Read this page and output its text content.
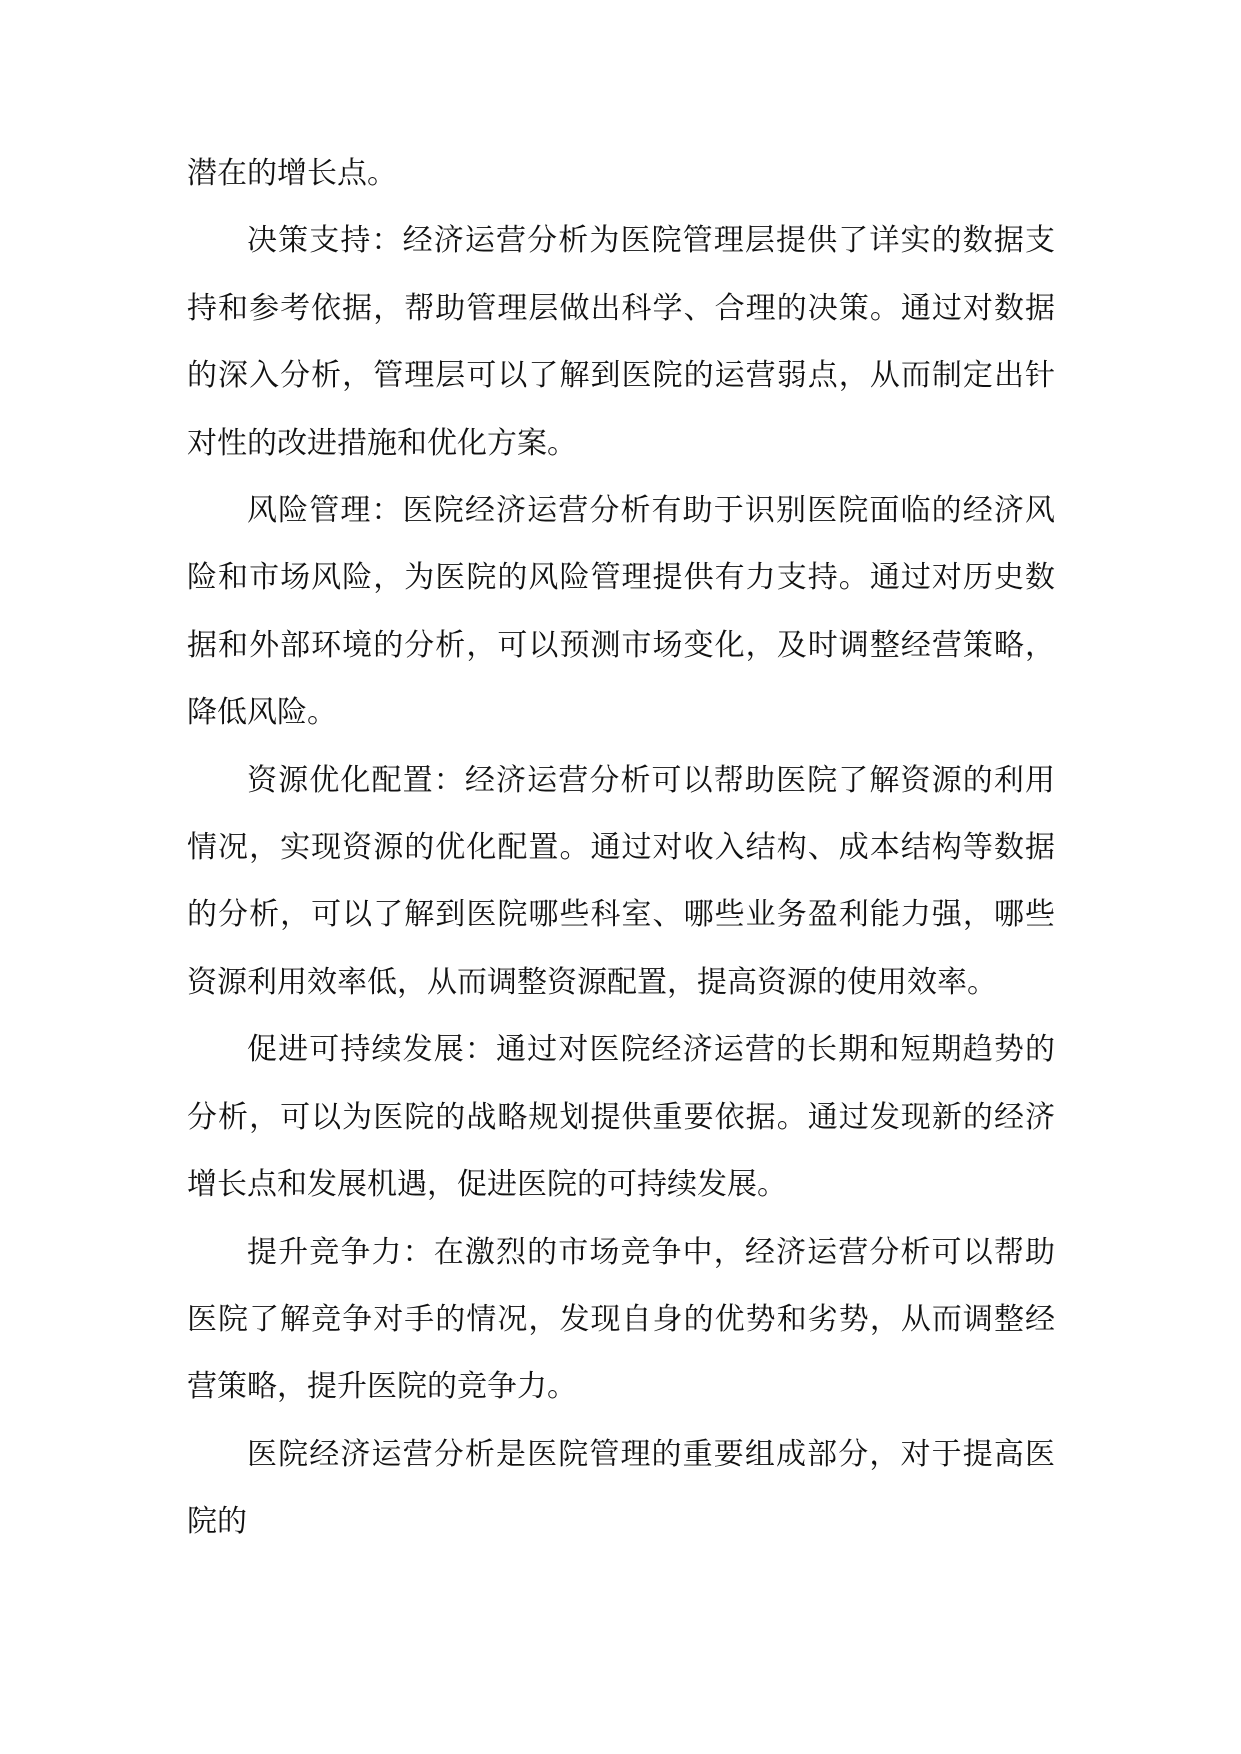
潜在的增长点。

决策支持：经济运营分析为医院管理层提供了详实的数据支持和参考依据，帮助管理层做出科学、合理的决策。通过对数据的深入分析，管理层可以了解到医院的运营弱点，从而制定出针对性的改进措施和优化方案。

风险管理：医院经济运营分析有助于识别医院面临的经济风险和市场风险，为医院的风险管理提供有力支持。通过对历史数据和外部环境的分析，可以预测市场变化，及时调整经营策略，降低风险。

资源优化配置：经济运营分析可以帮助医院了解资源的利用情况，实现资源的优化配置。通过对收入结构、成本结构等数据的分析，可以了解到医院哪些科室、哪些业务盈利能力强，哪些资源利用效率低，从而调整资源配置，提高资源的使用效率。

促进可持续发展：通过对医院经济运营的长期和短期趋势的分析，可以为医院的战略规划提供重要依据。通过发现新的经济增长点和发展机遇，促进医院的可持续发展。

提升竞争力：在激烈的市场竞争中，经济运营分析可以帮助医院了解竞争对手的情况，发现自身的优势和劣势，从而调整经营策略，提升医院的竞争力。

医院经济运营分析是医院管理的重要组成部分，对于提高医院的
